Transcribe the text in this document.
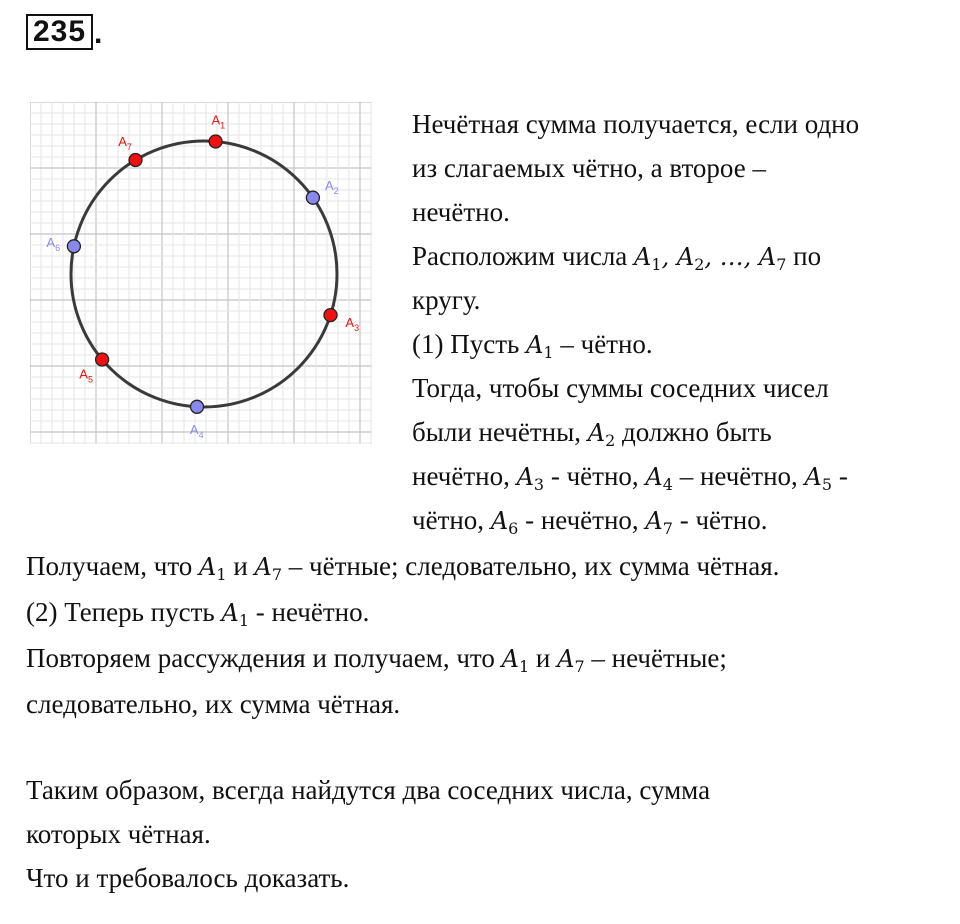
235 .
$A_1$
$A_2$
$A_3$
$A_4$
$A_5$
$A_6$
$A_7$
Нечётная сумма получается, если одно
из слагаемых чётно, а второе –
нечётно.
Расположим числа $A_1$, $A_2$, …, $A_7$ по
кругу.
(1) Пусть $A_1$ – чётно.
Тогда, чтобы суммы соседних чисел
были нечётны, $A_2$ должно быть
нечётно, $A_3$ - чётно, $A_4$ – нечётно, $A_5$ -
чётно, $A_6$ - нечётно, $A_7$ - чётно.
Получаем, что $A_1$ и $A_7$ – чётные; следовательно, их сумма чётная.
(2) Теперь пусть $A_1$ - нечётно.
Повторяем рассуждения и получаем, что $A_1$ и $A_7$ – нечётные;
следовательно, их сумма чётная.
Таким образом, всегда найдутся два соседних числа, сумма
которых чётная.
Что и требовалось доказать.
